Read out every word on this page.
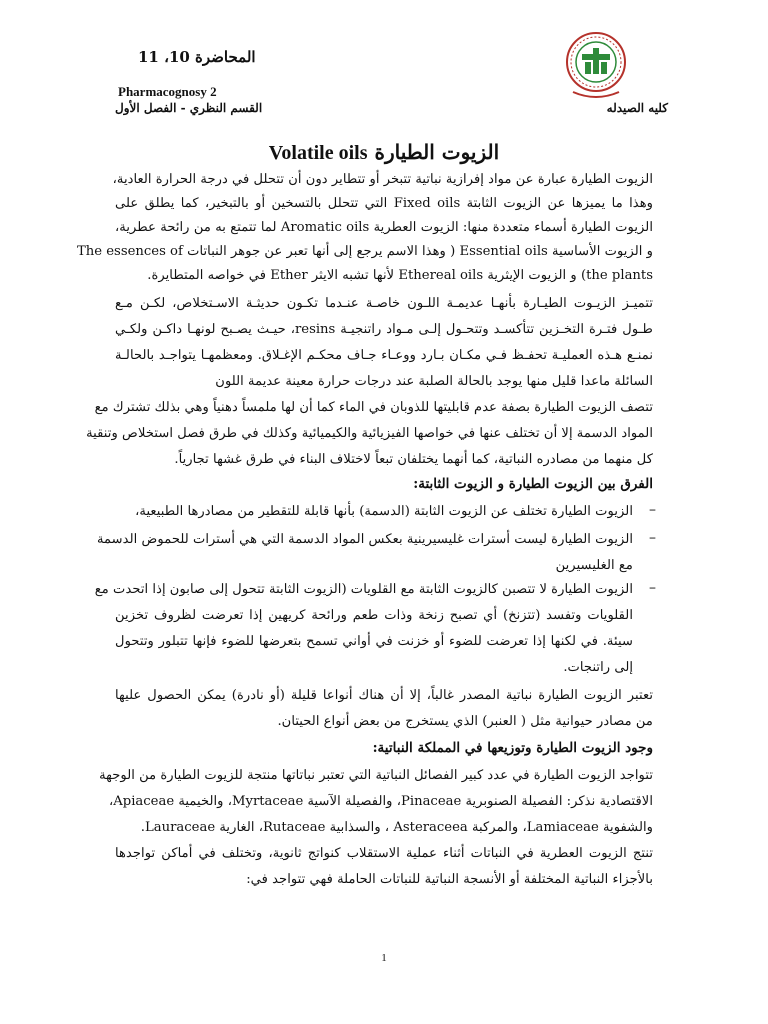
المحاضرة 10، 11
Pharmacognosy 2
القسم النظري - الفصل الأول	كليه الصيدله
الزيوت الطيارة Volatile oils
الزيوت الطيارة عبارة عن مواد إفرازية نباتية تتبخر أو تتطاير دون أن تتحلل في درجة الحرارة العادية،
وهذا ما يميزها عن الزيوت الثابتة Fixed oils التي تتحلل بالتسخين أو بالتبخير، كما يطلق على
الزيوت الطيارة أسماء متعددة منها: الزيوت العطرية Aromatic oils لما تتمتع به من رائحة عطرية،
و الزيوت الأساسية Essential oils ( وهذا الاسم يرجع إلى أنها تعبر عن جوهر النباتات The essences of
the plants) و الزيوت الإيثرية Ethereal oils لأنها تشبه الايثر Ether في خواصه المتطايرة.
تتميـز الزيـوت الطيـارة بأنهـا عديمـة اللـون خاصـة عنـدما تكـون حديثـة الاسـتخلاص، لكـن مـع
طـول فتـرة التخـزين تتأكسـد وتتحـول إلـى مـواد راتنجيـة resins، حيـث يصـبح لونهـا داكـن ولكـي
نمنـع هـذه العمليـة تحفـظ فـي مكـان بـارد ووعـاء جـاف محكـم الإغـلاق. ومعظمهـا يتواجـد بالحالـة
السائلة ماعدا قليل منها يوجد بالحالة الصلبة عند درجات حرارة معينة عديمة اللون
تتصف الزيوت الطيارة بصفة عدم قابليتها للذوبان في الماء كما أن لها ملمساً دهنياً وهي بذلك تشترك مع
المواد الدسمة إلا أن تختلف عنها في خواصها الفيزيائية والكيميائية وكذلك في طرق فصل استخلاص وتنقية
كل منهما من مصادره النباتية، كما أنهما يختلفان تبعاً لاختلاف البناء في طرق غشها تجارياً.
الفرق بين الزيوت الطيارة و الزيوت الثابتة:
–
الزيوت الطيارة تختلف عن الزيوت الثابتة (الدسمة) بأنها قابلة للتقطير من مصادرها الطبيعية،
–
الزيوت الطيارة ليست أسترات غليسيرينية بعكس المواد الدسمة التي هي أسترات للحموض الدسمة
مع الغليسيرين
–
الزيوت الطيارة لا تتصبن كالزيوت الثابتة مع القلويات (الزيوت الثابتة تتحول إلى صابون إذا اتحدت مع
القلويات وتفسد (تتزنخ) أي تصبح زنخة وذات طعم ورائحة كريهين إذا تعرضت لظروف تخزين
سيئة. في لكنها إذا تعرضت للضوء أو خزنت في أواني تسمح بتعرضها للضوء فإنها تتبلور وتتحول
إلى راتنجات.
تعتبر الزيوت الطيارة نباتية المصدر غالباً، إلا أن هناك أنواعا قليلة (أو نادرة) يمكن الحصول عليها
من مصادر حيوانية مثل ( العنبر) الذي يستخرج من بعض أنواع الحيتان.
وجود الزيوت الطيارة وتوزيعها في المملكة النباتية:
تتواجد الزيوت الطيارة في عدد كبير الفصائل النباتية التي تعتبر نباتاتها منتجة للزيوت الطيارة من الوجهة
الاقتصادية نذكر: الفصيلة الصنوبرية Pinaceae، والفصيلة الآسية Myrtaceae، والخيمية Apiaceae،
والشفوية Lamiaceae، والمركبة Asteraceea ، والسذابية Rutaceae، الغارية Lauraceae.
تنتج الزيوت العطرية في النباتات أثناء عملية الاستقلاب كنواتج ثانوية، وتختلف في أماكن تواجدها
بالأجزاء النباتية المختلفة أو الأنسجة النباتية للنباتات الحاملة فهي تتواجد في:
1
